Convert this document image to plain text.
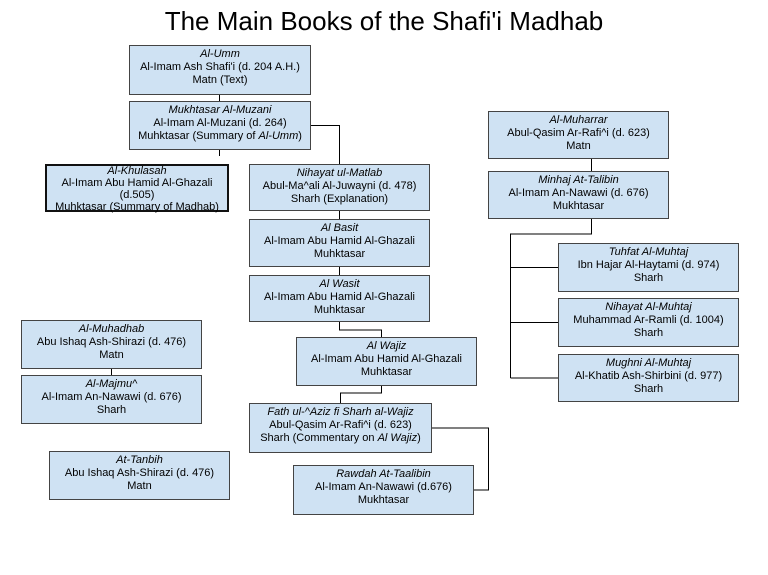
The Main Books of the Shafi'i Madhab
Al-Umm
Al-Imam Ash Shafi'i (d. 204 A.H.)
Matn (Text)
Mukhtasar Al-Muzani
Al-Imam Al-Muzani (d. 264)
Muhktasar (Summary of Al-Umm)
Al-Khulasah
Al-Imam Abu Hamid Al-Ghazali
(d.505)
Muhktasar (Summary of Madhab)
Nihayat ul-Matlab
Abul-Ma^ali Al-Juwayni (d. 478)
Sharh (Explanation)
Al Basit
Al-Imam Abu Hamid Al-Ghazali
Muhktasar
Al Wasit
Al-Imam Abu Hamid Al-Ghazali
Muhktasar
Al Wajiz
Al-Imam Abu Hamid Al-Ghazali
Muhktasar
Fath ul-^Aziz fi Sharh al-Wajiz
Abul-Qasim Ar-Rafi^i (d. 623)
Sharh (Commentary on Al Wajiz)
Rawdah At-Taalibin
Al-Imam An-Nawawi (d.676)
Mukhtasar
Al-Muharrar
Abul-Qasim Ar-Rafi^i (d. 623)
Matn
Minhaj At-Talibin
Al-Imam An-Nawawi (d. 676)
Mukhtasar
Tuhfat Al-Muhtaj
Ibn Hajar Al-Haytami (d. 974)
Sharh
Nihayat Al-Muhtaj
Muhammad Ar-Ramli (d. 1004)
Sharh
Mughni Al-Muhtaj
Al-Khatib Ash-Shirbini (d. 977)
Sharh
Al-Muhadhab
Abu Ishaq Ash-Shirazi (d. 476)
Matn
Al-Majmu^
Al-Imam An-Nawawi (d. 676)
Sharh
At-Tanbih
Abu Ishaq Ash-Shirazi (d. 476)
Matn
